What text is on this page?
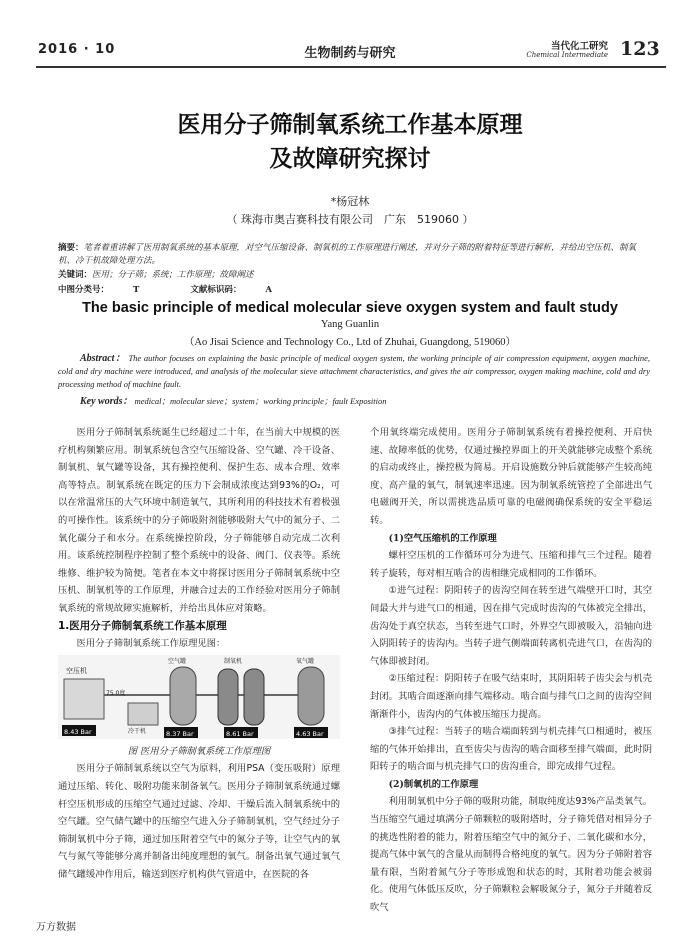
2016 · 10	生物制药与研究	当代化工研究
Chemical Intermediate 123
医用分子筛制氧系统工作基本原理
及故障研究探讨
*杨冠林
（ 珠海市奥吉赛科技有限公司　广东　519060 ）
摘要：笔者着重讲解了医用制氧系统的基本原理，对空气压缩设备、制氧机的工作原理进行阐述，并对分子筛的附着特征等进行解析，并给出空压机、制氧机、冷干机故障处理方法。
关键词：医用；分子筛；系统；工作原理；故障阐述
中图分类号：	T	文献标识码：	A
The basic principle of medical molecular sieve oxygen system and fault study
Yang Guanlin
（Ao Jisai Science and Technology Co., Ltd of Zhuhai, Guangdong, 519060）
Abstract： The author focuses on explaining the basic principle of medical oxygen system, the working principle of air compression equipment, oxygen machine, cold and dry machine were introduced, and analysis of the molecular sieve attachment characteristics, and gives the air compressor, oxygen making machine, cold and dry processing method of machine fault.
Key words： medical；molecular sieve；system；working principle；fault Exposition

医用分子筛制氧系统诞生已经超过二十年，在当前大中规模的医疗机构频繁应用。制氧系统包含空气压缩设备、空气罐、冷干设备、制氧机、氧气罐等设备，其有操控便利、保护生态、成本合理、效率高等特点。制氧系统在既定的压力下会制成浓度达到93%的O₂，可以在常温常压的大气环境中制造氧气，其所利用的科技技术有着极强的可操作性。该系统中的分子筛吸附剂能够吸附大气中的氮分子、二氧化碳分子和水分。在系统操控阶段，分子筛能够自动完成二次利用。该系统控制程序控制了整个系统中的设备、阀门、仪表等。系统维修、维护较为简便。笔者在本文中将探讨医用分子筛制氧系统中空压机、制氧机等的工作原理，并融合过去的工作经验对医用分子筛制氧系统的常规故障实施解析，并给出具体应对策略。

1.医用分子筛制氧系统工作基本原理

医用分子筛制氧系统工作原理见图：

空压机
75.0度
冷干机
空气罐	制氧机	氧气罐
8.43 Bar	8.37 Bar	8.61 Bar	4.63 Bar

图 医用分子筛制氧系统工作原理图

医用分子筛制氧系统以空气为原料，利用PSA（变压吸附）原理通过压缩、转化、吸附功能来制备氧气。医用分子筛制氧系统通过螺杆空压机形成的压缩空气通过过滤、冷却、干燥后流入制氧系统中的空气罐。空气储气罐中的压缩空气进入分子筛制氧机，空气经过分子筛制氧机中分子筛，通过加压附着空气中的氮分子等，让空气内的氧气与氮气等能够分离并制备出纯度理想的氧气。制备出氧气通过氧气储气罐缓冲作用后，输送到医疗机构供气管道中，在医院的各

个用氧终端完成使用。医用分子筛制氧系统有着操控便利、开启快速、故障率低的优势，仅通过操控界面上的开关就能够完成整个系统的启动或终止，操控极为简易。开启设施数分钟后就能够产生较高纯度、高产量的氧气，制氧速率迅速。因为制氧系统管控了全部进出气电磁阀开关，所以需挑选品质可靠的电磁阀确保系统的安全平稳运转。

(1)空气压缩机的工作原理

螺杆空压机的工作循环可分为进气、压缩和排气三个过程。随着转子旋转，每对相互啮合的齿相继完成相同的工作循环。

①进气过程：阴阳转子的齿沟空间在转至进气端壁开口时，其空间最大并与进气口的相通，因在排气完成时齿沟的气体被完全排出，齿沟处于真空状态，当转至进气口时，外界空气即被吸入，沿轴向进入阴阳转子的齿沟内。当转子进气侧端面转离机壳进气口，在齿沟的气体即被封闭。

②压缩过程：阴阳转子在吸气结束时，其阴阳转子齿尖会与机壳封闭。其啮合面逐渐向排气端移动。啮合面与排气口之间的齿沟空间渐渐件小，齿沟内的气体被压缩压力提高。

③排气过程：当转子的啮合端面转到与机壳排气口相通时，被压缩的气体开始排出，直至齿尖与齿沟的啮合面移至排气端面，此时阴阳转子的啮合面与机壳排气口的齿沟重合，即完成排气过程。

(2)制氧机的工作原理

利用制氧机中分子筛的吸附功能，制取纯度达93%产品类氧气。当压缩空气通过填满分子筛颗粒的吸附塔时，分子筛凭借对相异分子的挑选性附着的能力，附着压缩空气中的氮分子、二氧化碳和水分，提高气体中氧气的含量从而制得合格纯度的氧气。因为分子筛附着容量有限，当附着氮气分子等形成饱和状态的时，其附着功能会被弱化。使用气体低压反吹，分子筛颗粒会解吸氮分子，氮分子并随着反吹气

万方数据
